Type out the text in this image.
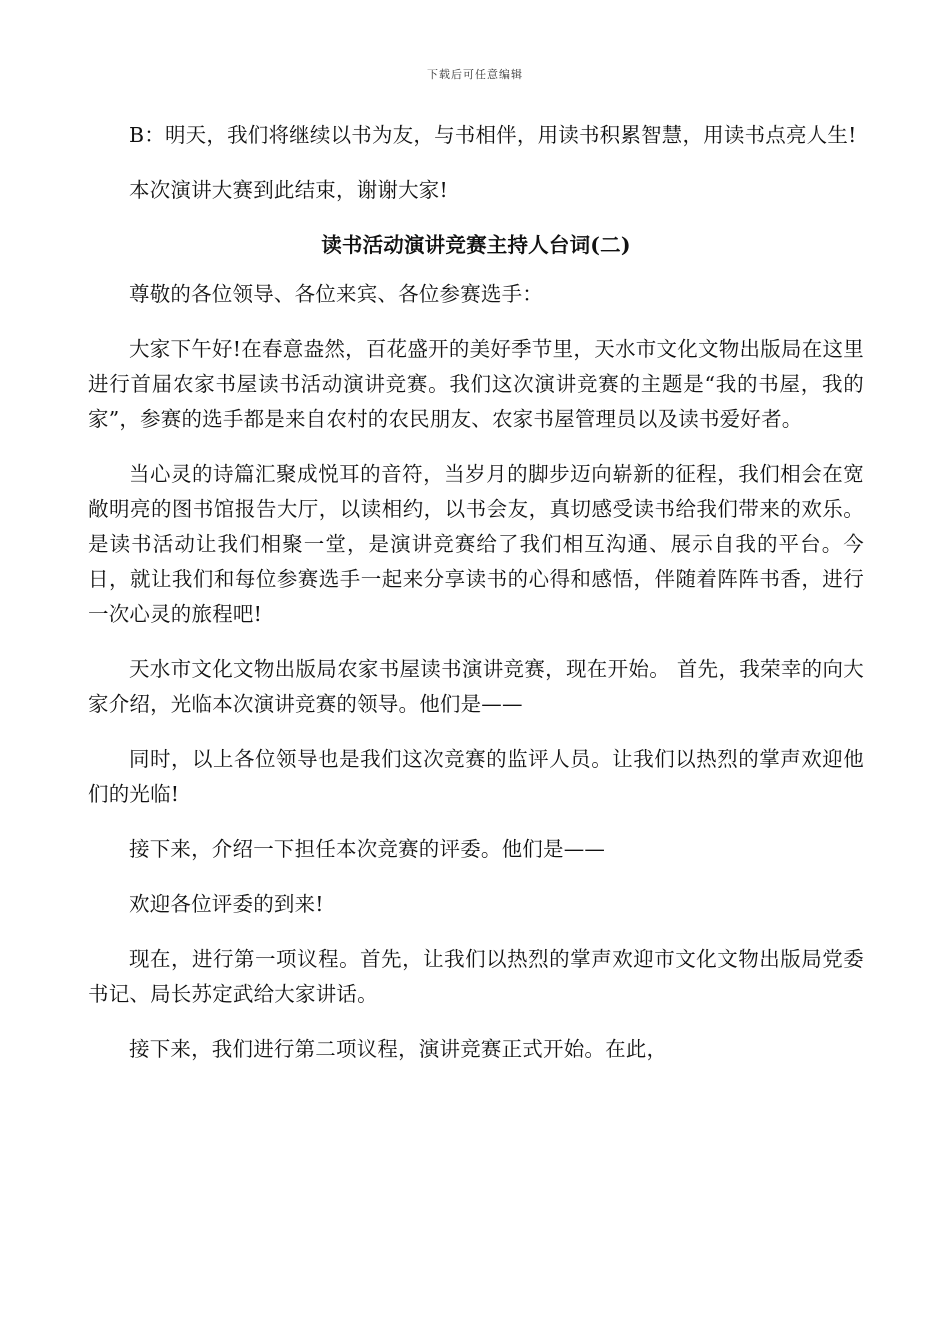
下载后可任意编辑

B：明天，我们将继续以书为友，与书相伴，用读书积累智慧，用读书点亮人生!

本次演讲大赛到此结束，谢谢大家!

读书活动演讲竞赛主持人台词(二)

尊敬的各位领导、各位来宾、各位参赛选手：

大家下午好!在春意盎然，百花盛开的美好季节里，天水市文化文物出版局在这里进行首届农家书屋读书活动演讲竞赛。我们这次演讲竞赛的主题是“我的书屋，我的家”，参赛的选手都是来自农村的农民朋友、农家书屋管理员以及读书爱好者。

当心灵的诗篇汇聚成悦耳的音符，当岁月的脚步迈向崭新的征程，我们相会在宽敞明亮的图书馆报告大厅，以读相约，以书会友，真切感受读书给我们带来的欢乐。是读书活动让我们相聚一堂，是演讲竞赛给了我们相互沟通、展示自我的平台。今日，就让我们和每位参赛选手一起来分享读书的心得和感悟，伴随着阵阵书香，进行一次心灵的旅程吧!

天水市文化文物出版局农家书屋读书演讲竞赛，现在开始。 首先，我荣幸的向大家介绍，光临本次演讲竞赛的领导。他们是——

同时，以上各位领导也是我们这次竞赛的监评人员。让我们以热烈的掌声欢迎他们的光临!

接下来，介绍一下担任本次竞赛的评委。他们是——

欢迎各位评委的到来!

现在，进行第一项议程。首先，让我们以热烈的掌声欢迎市文化文物出版局党委书记、局长苏定武给大家讲话。

接下来，我们进行第二项议程，演讲竞赛正式开始。在此，
